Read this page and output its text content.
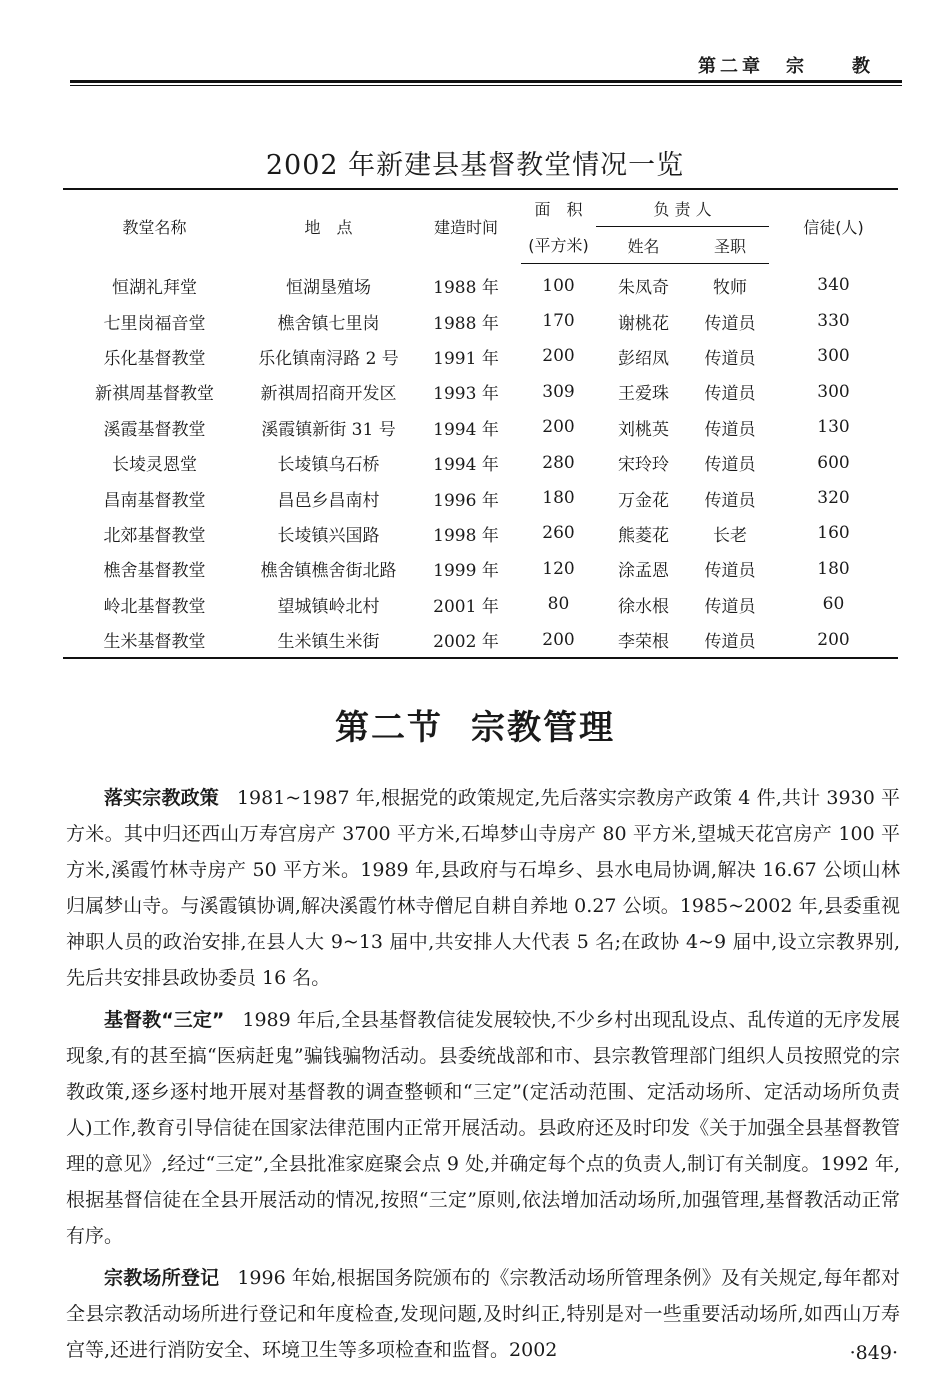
第二章　宗　　教
2002 年新建县基督教堂情况一览
教堂名称	地　点	建造时间	面　积	负 责 人		信徒(人)
			(平方米)	姓名	圣职	
恒湖礼拜堂	恒湖垦殖场	1988 年	100	朱凤奇	牧师	340
七里岗福音堂	樵舍镇七里岗	1988 年	170	谢桃花	传道员	330
乐化基督教堂	乐化镇南浔路 2 号	1991 年	200	彭绍凤	传道员	300
新祺周基督教堂	新祺周招商开发区	1993 年	309	王爱珠	传道员	300
溪霞基督教堂	溪霞镇新街 31 号	1994 年	200	刘桃英	传道员	130
长堎灵恩堂	长堎镇乌石桥	1994 年	280	宋玲玲	传道员	600
昌南基督教堂	昌邑乡昌南村	1996 年	180	万金花	传道员	320
北郊基督教堂	长堎镇兴国路	1998 年	260	熊菱花	长老	160
樵舍基督教堂	樵舍镇樵舍街北路	1999 年	120	涂孟恩	传道员	180
岭北基督教堂	望城镇岭北村	2001 年	80	徐水根	传道员	60
生米基督教堂	生米镇生米街	2002 年	200	李荣根	传道员	200
第二节 宗教管理

落实宗教政策 1981~1987 年,根据党的政策规定,先后落实宗教房产政策 4 件,共计 3930 平方米。其中归还西山万寿宫房产 3700 平方米,石埠梦山寺房产 80 平方米,望城天花宫房产 100 平方米,溪霞竹林寺房产 50 平方米。1989 年,县政府与石埠乡、县水电局协调,解决 16.67 公顷山林归属梦山寺。与溪霞镇协调,解决溪霞竹林寺僧尼自耕自养地 0.27 公顷。1985~2002 年,县委重视神职人员的政治安排,在县人大 9~13 届中,共安排人大代表 5 名;在政协 4~9 届中,设立宗教界别,先后共安排县政协委员 16 名。

基督教“三定” 1989 年后,全县基督教信徒发展较快,不少乡村出现乱设点、乱传道的无序发展现象,有的甚至搞“医病赶鬼”骗钱骗物活动。县委统战部和市、县宗教管理部门组织人员按照党的宗教政策,逐乡逐村地开展对基督教的调查整顿和“三定”(定活动范围、定活动场所、定活动场所负责人)工作,教育引导信徒在国家法律范围内正常开展活动。县政府还及时印发《关于加强全县基督教管理的意见》,经过“三定”,全县批准家庭聚会点 9 处,并确定每个点的负责人,制订有关制度。1992 年,根据基督信徒在全县开展活动的情况,按照“三定”原则,依法增加活动场所,加强管理,基督教活动正常有序。

宗教场所登记 1996 年始,根据国务院颁布的《宗教活动场所管理条例》及有关规定,每年都对全县宗教活动场所进行登记和年度检查,发现问题,及时纠正,特别是对一些重要活动场所,如西山万寿宫等,还进行消防安全、环境卫生等多项检查和监督。2002	·849·
